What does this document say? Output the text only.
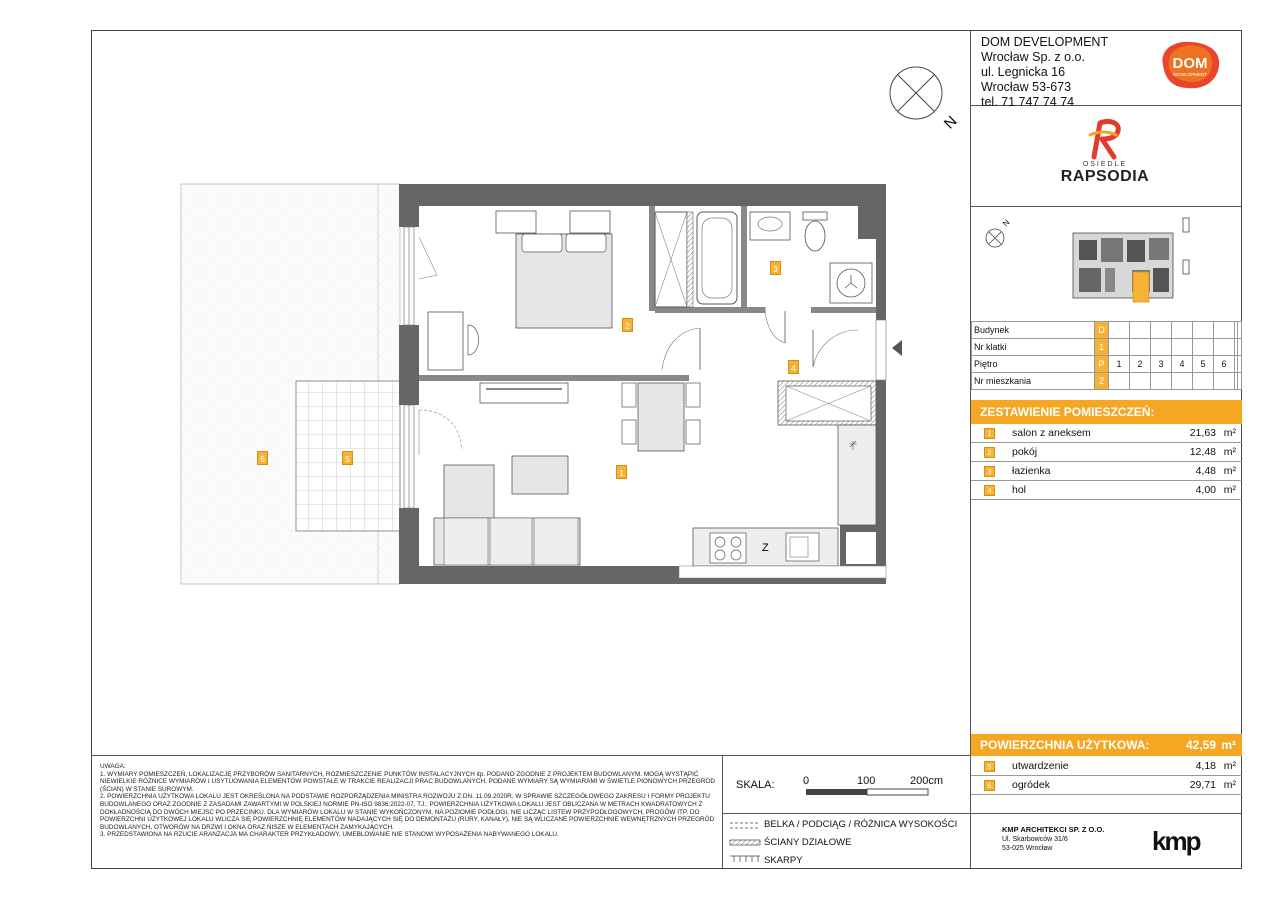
DOM DEVELOPMENT
Wrocław Sp. z o.o.
ul. Legnicka 16
Wrocław 53-673
tel. 71 747 74 74
DOM
DEVELOPMENT
OSIEDLE
RAPSODIA
N
Budynek	D								
Nr klatki	1								
Piętro	P	1	2	3	4	5	6		
Nr mieszkania	2								
ZESTAWIENIE POMIESZCZEŃ:
1	salon z aneksem	21,63 m²
2	pokój	12,48 m²
3	łazienka	4,48 m²
4	hol	4,00 m²
POWIERZCHNIA UŻYTKOWA:	42,59 m²
5	utwardzenie	4,18 m²
6	ogródek	29,71 m²
Z
N
1
2
3
4
5
6

UWAGA:

1. WYMIARY POMIESZCZEŃ, LOKALIZACJĘ PRZYBORÓW SANITARNYCH, ROZMIESZCZENIE PUNKTÓW INSTALACYJNYCH itp. PODANO ZGODNIE Z PROJEKTEM BUDOWLANYM. MOGĄ WYSTĄPIĆ NIEWIELKIE RÓŻNICE WYMIARÓW I USYTUOWANIA ELEMENTÓW POWSTAŁE W TRAKCIE REALIZACJI PRAC BUDOWLANYCH. PODANE WYMIARY SĄ WYMIARAMI W ŚWIETLE PIONOWYCH PRZEGRÓD (ŚCIAN) W STANIE SUROWYM.

2. POWIERZCHNIA UŻYTKOWA LOKALU JEST OKREŚLONA NA PODSTAWIE ROZPORZĄDZENIA MINISTRA ROZWOJU Z DN. 11.09.2020R. W SPRAWIE SZCZEGÓŁOWEGO ZAKRESU I FORMY PROJEKTU BUDOWLANEGO ORAZ ZGODNIE Z ZASADAMI ZAWARTYMI W POLSKIEJ NORMIE PN-ISO 9836:2022-07, TJ.: POWIERZCHNIA UŻYTKOWA LOKALU JEST OBLICZANA W METRACH KWADRATOWYCH Z DOKŁADNOŚCIĄ DO DWÓCH MIEJSC PO PRZECINKU. DLA WYMIARÓW LOKALU W STANIE WYKOŃCZONYM, NA POZIOMIE PODŁOGI, NIE LICZĄC LISTEW PRZYPODŁOGOWYCH, PROGÓW ITP. DO POWIERZCHNI UŻYTKOWEJ LOKALU WLICZA SIĘ POWIERZCHNIĘ ELEMENTÓW NADAJĄCYCH SIĘ DO DEMONTAŻU (RURY, KANAŁY), NIE SĄ WLICZANE POWIERZCHNIE WEWNĘTRZNYCH PRZEGRÓD BUDOWLANYCH, OTWORÓW NA DRZWI I OKNA ORAZ NISZE W ELEMENTACH ZAMYKAJĄCYCH.

3. PRZEDSTAWIONA NA RZUCIE ARANŻACJA MA CHARAKTER PRZYKŁADOWY, UMEBLOWANIE NIE STANOWI WYPOSAŻENIA NABYWANEGO LOKALU.

SKALA:	0	100	200cm
BELKA / PODCIĄG / RÓŻNICA WYSOKOŚCI
ŚCIANY DZIAŁOWE
SKARPY
KMP ARCHITEKCI SP. Z O.O.
Ul. Skarbowców 31/6
53-025 Wrocław	kmp
